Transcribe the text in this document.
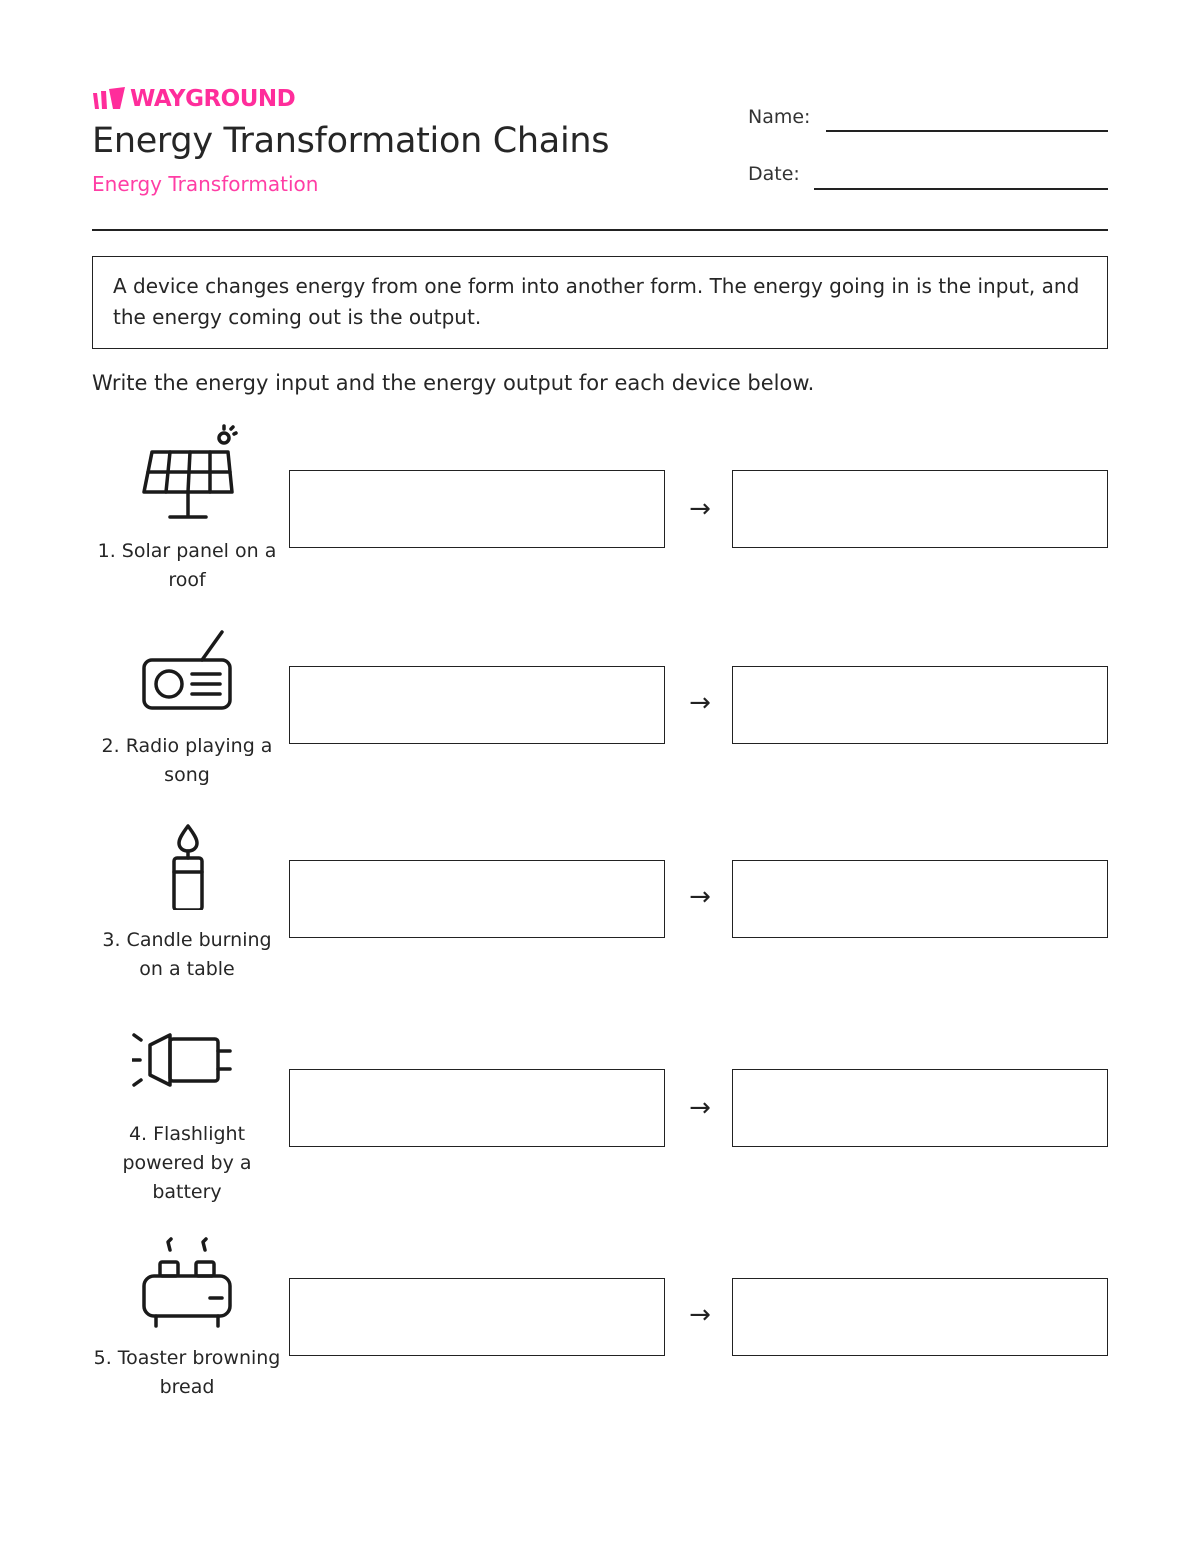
WAYGROUND
Energy Transformation Chains
Energy Transformation
Name:
Date:
A device changes energy from one form into another form. The energy going in is the input, and the energy coming out is the output.
Write the energy input and the energy output for each device below.
1. Solar panel on a roof
→
2. Radio playing a song
→
3. Candle burning on a table
→
4. Flashlight powered by a battery
→
5. Toaster browning bread
→
